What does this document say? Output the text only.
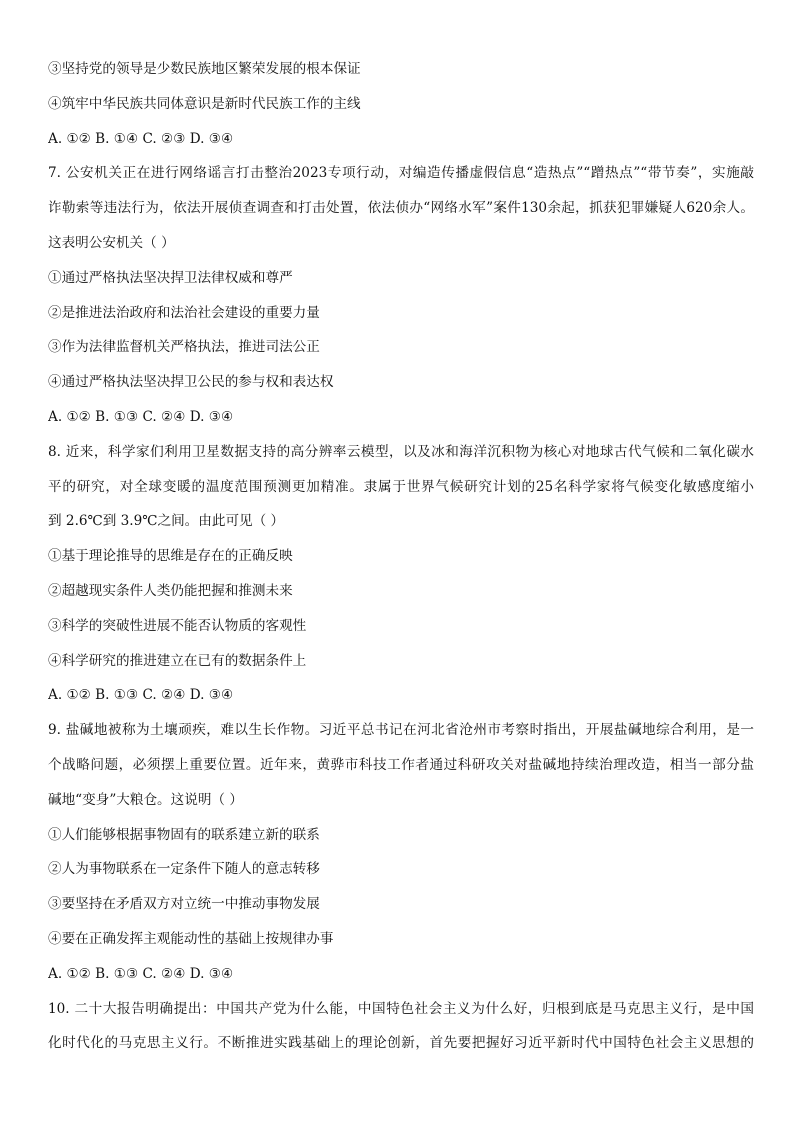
③坚持党的领导是少数民族地区繁荣发展的根本保证
④筑牢中华民族共同体意识是新时代民族工作的主线
A. ①② B. ①④ C. ②③ D. ③④
7. 公安机关正在进行网络谣言打击整治2023专项行动，对编造传播虚假信息“造热点”“蹭热点”“带节奏”，实施敲
诈勒索等违法行为，依法开展侦查调查和打击处置，依法侦办“网络水军”案件130余起，抓获犯罪嫌疑人620余人。
这表明公安机关（ ）
①通过严格执法坚决捍卫法律权威和尊严
②是推进法治政府和法治社会建设的重要力量
③作为法律监督机关严格执法，推进司法公正
④通过严格执法坚决捍卫公民的参与权和表达权
A. ①② B. ①③ C. ②④ D. ③④
8. 近来，科学家们利用卫星数据支持的高分辨率云模型，以及冰和海洋沉积物为核心对地球古代气候和二氧化碳水
平的研究，对全球变暖的温度范围预测更加精准。隶属于世界气候研究计划的25名科学家将气候变化敏感度缩小
到 2.6℃到 3.9℃之间。由此可见（ ）
①基于理论推导的思维是存在的正确反映
②超越现实条件人类仍能把握和推测未来
③科学的突破性进展不能否认物质的客观性
④科学研究的推进建立在已有的数据条件上
A. ①② B. ①③ C. ②④ D. ③④
9. 盐碱地被称为土壤顽疾，难以生长作物。习近平总书记在河北省沧州市考察时指出，开展盐碱地综合利用，是一
个战略问题，必须摆上重要位置。近年来，黄骅市科技工作者通过科研攻关对盐碱地持续治理改造，相当一部分盐
碱地“变身”大粮仓。这说明（ ）
①人们能够根据事物固有的联系建立新的联系
②人为事物联系在一定条件下随人的意志转移
③要坚持在矛盾双方对立统一中推动事物发展
④要在正确发挥主观能动性的基础上按规律办事
A. ①② B. ①③ C. ②④ D. ③④
10. 二十大报告明确提出：中国共产党为什么能，中国特色社会主义为什么好，归根到底是马克思主义行，是中国
化时代化的马克思主义行。不断推进实践基础上的理论创新，首先要把握好习近平新时代中国特色社会主义思想的
